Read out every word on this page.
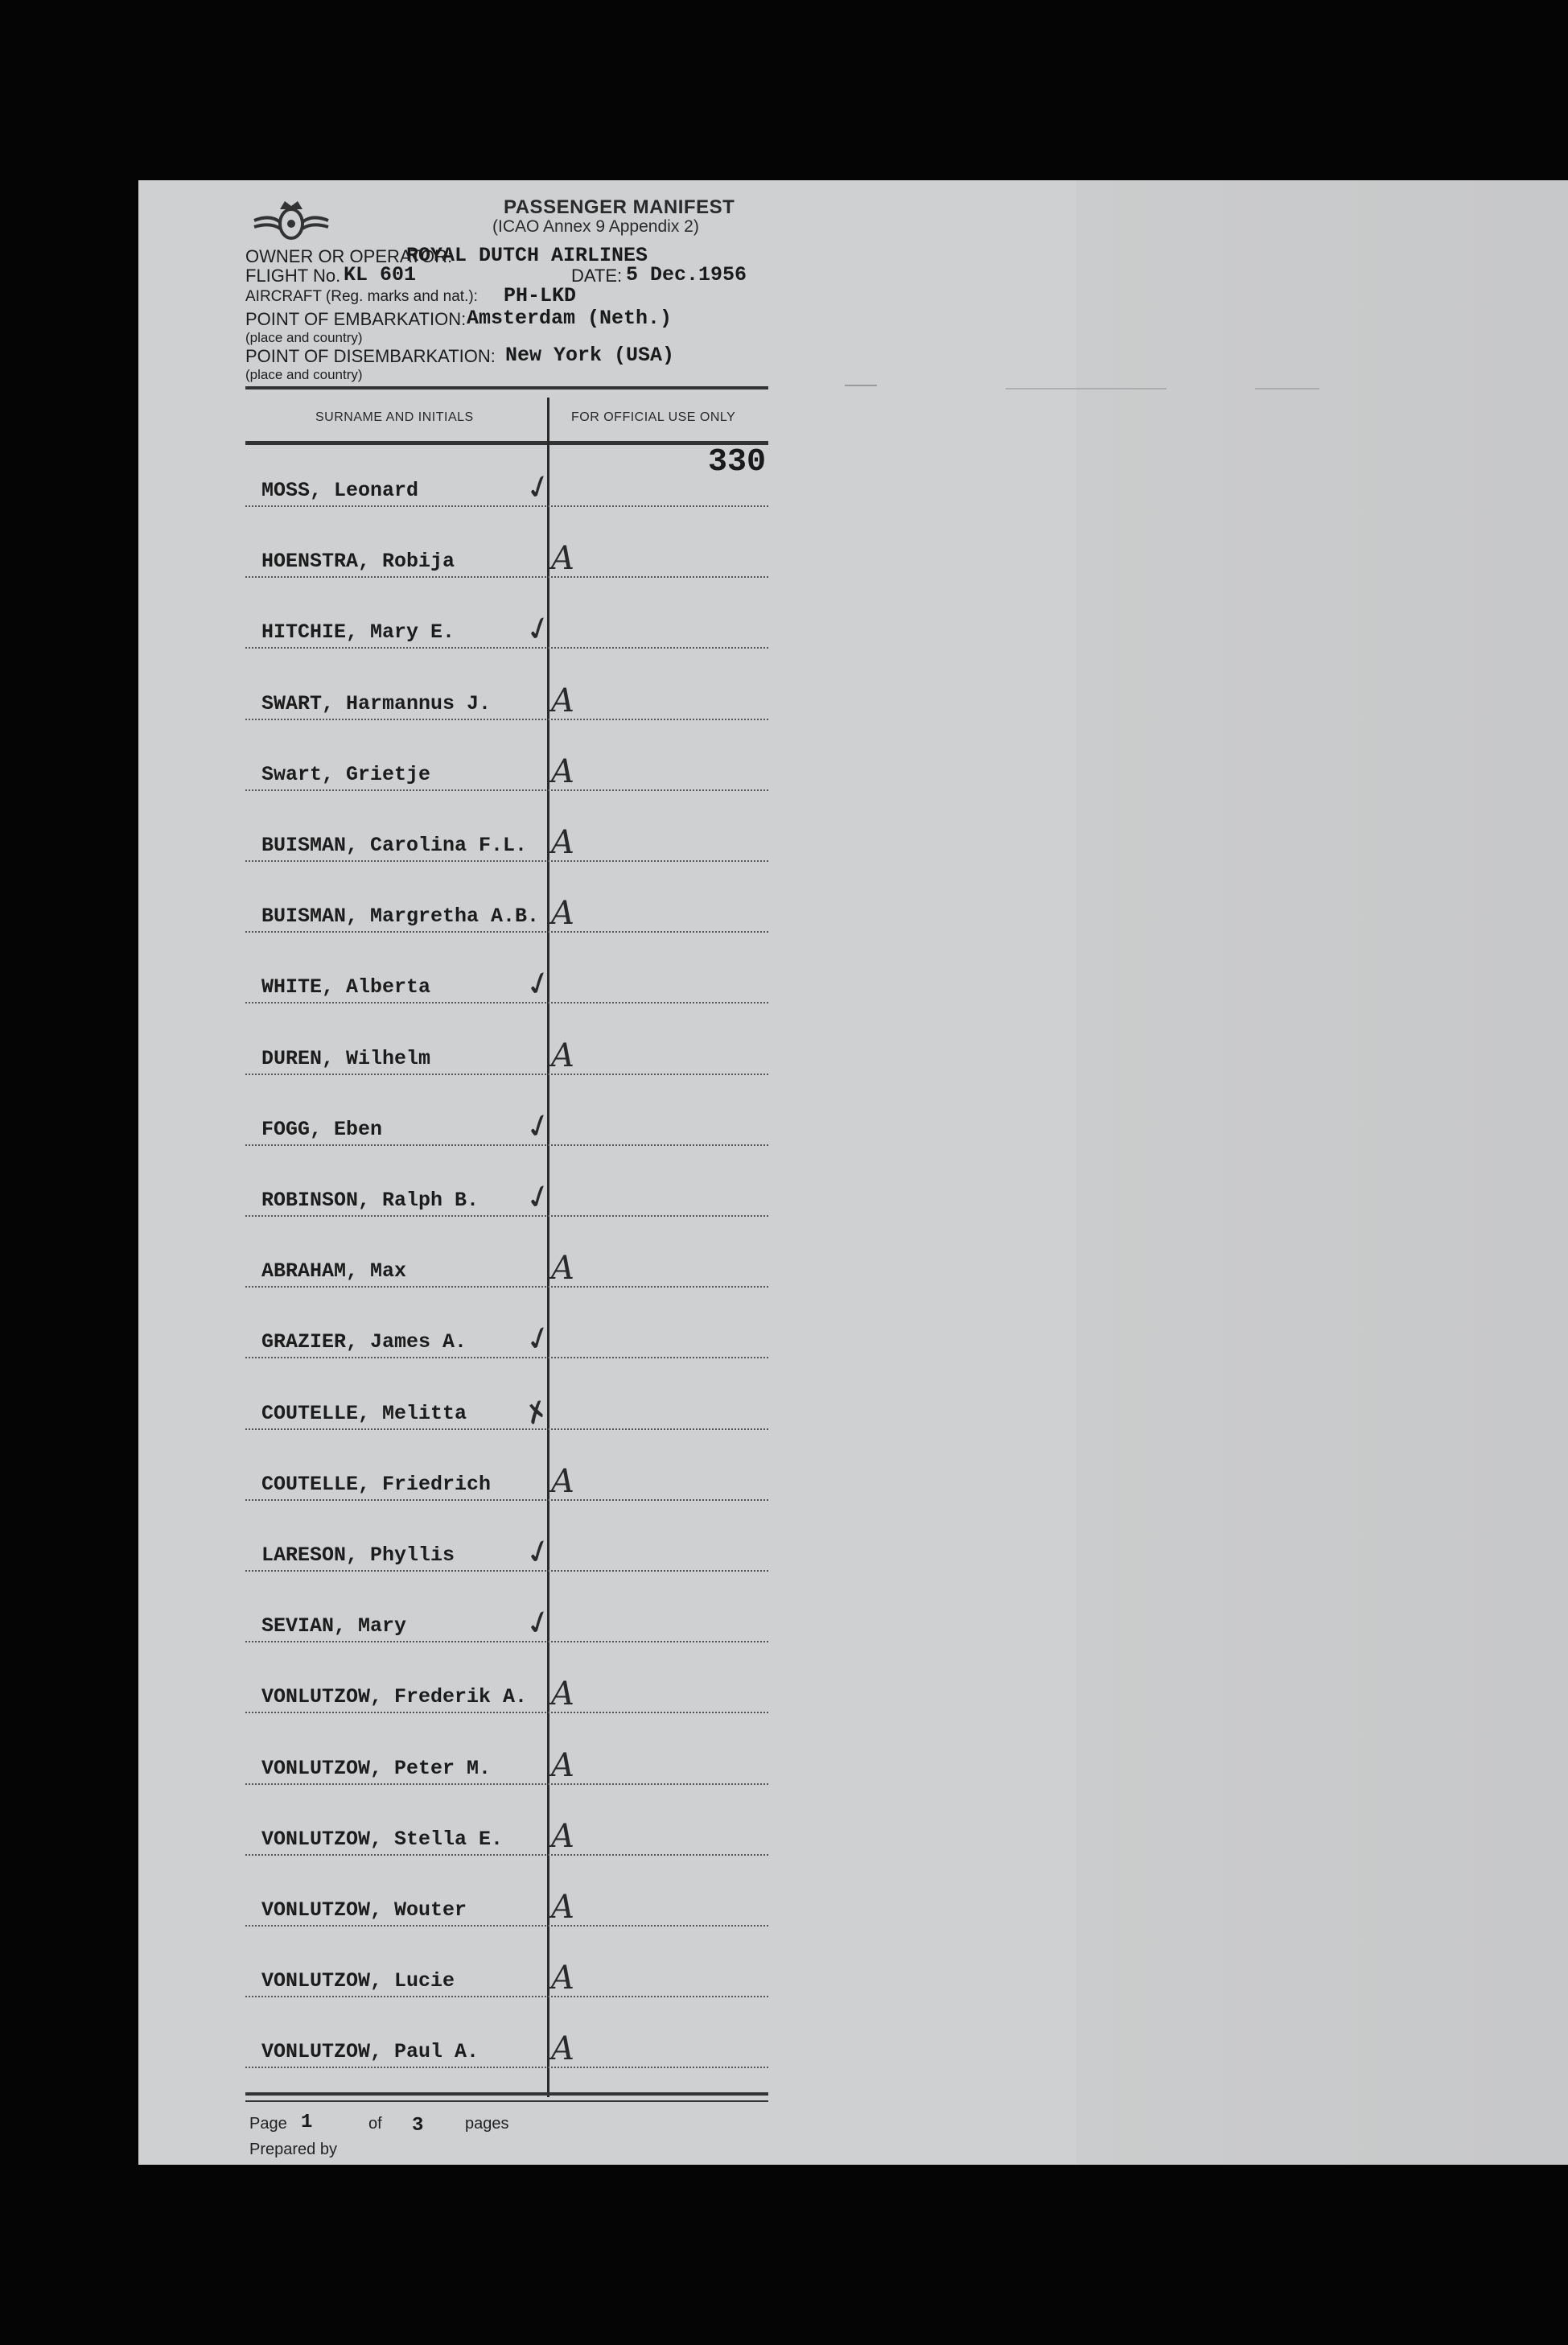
PASSENGER MANIFEST
(ICAO Annex 9 Appendix 2)
OWNER OR OPERATOR:
ROYAL DUTCH AIRLINES
FLIGHT No. KL 601	DATE: 5 Dec.1956
AIRCRAFT (Reg. marks and nat.): PH-LKD
POINT OF EMBARKATION: Amsterdam (Neth.)
(place and country)
POINT OF DISEMBARKATION: New York (USA)
(place and country)
SURNAME AND INITIALS	FOR OFFICIAL USE ONLY
330
MOSS, Leonard	✓
HOENSTRA, Robija	A
HITCHIE, Mary E. ✓
SWART, Harmannus J. A
Swart, Grietje	A
BUISMAN, Carolina F.L. A
BUISMAN, Margretha A.B. A
WHITE, Alberta	✓
DUREN, Wilhelm	A
FOGG, Eben	✓
ROBINSON, Ralph B. ✓
ABRAHAM, Max	A
GRAZIER, James A. ✓
COUTELLE, Melitta ✗
COUTELLE, Friedrich A
LARESON, Phyllis ✓
SEVIAN, Mary	✓
VONLUTZOW, Frederik A. A
VONLUTZOW, Peter M. A
VONLUTZOW, Stella E. A
VONLUTZOW, Wouter	A
VONLUTZOW, Lucie	A
VONLUTZOW, Paul A. A
Page 1	of 3	pages
Prepared by
